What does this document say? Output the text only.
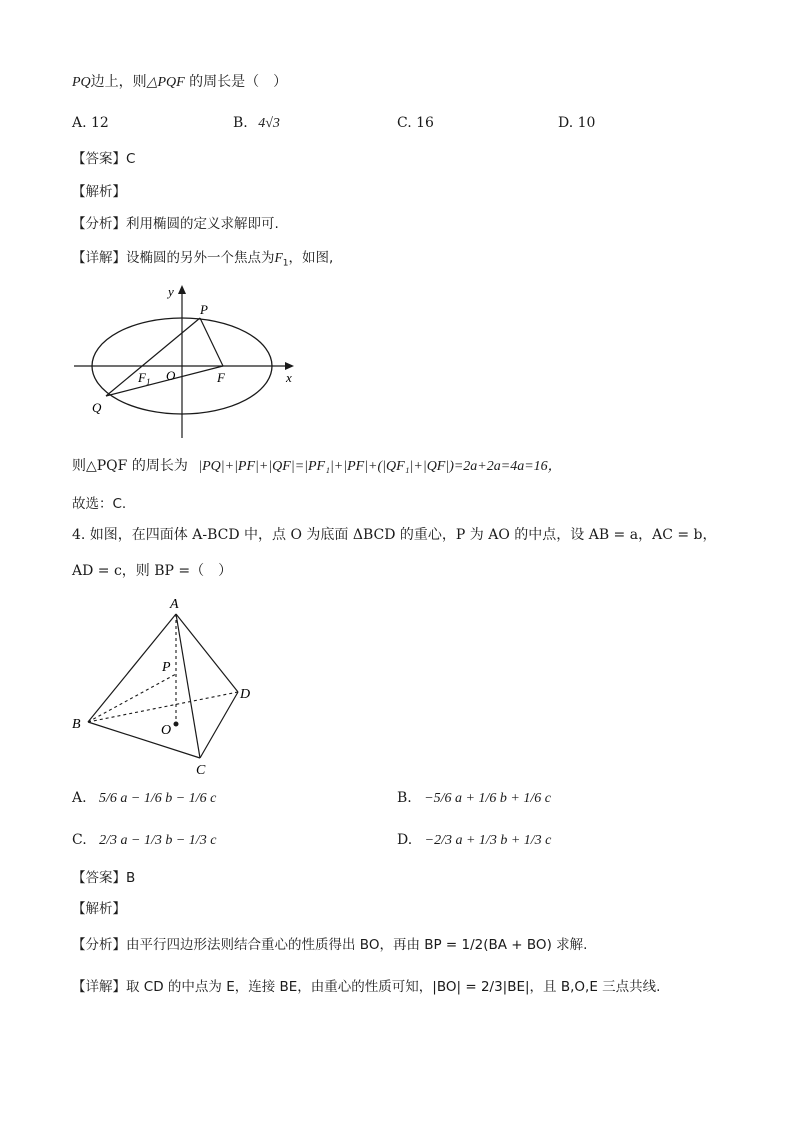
PQ边上，则△PQF 的周长是（　）
A. 12	B. 4√3	C. 16	D. 10
【答案】C
【解析】
【分析】利用椭圆的定义求解即可.
【详解】设椭圆的另外一个焦点为$F_1$，如图,
y
x
P
O	F
$F_1$
Q
则△PQF 的周长为 |PQ|+|PF|+|QF|=|PF₁|+|PF|+(|QF₁|+|QF|)=2a+2a=4a=16，
故选：C.
4. 如图，在四面体 A-BCD 中，点 O 为底面 ΔBCD 的重心，P 为 AO 的中点，设 AB = a，AC = b，
AD = c，则 BP =（　）
A
B
C
D
P
O
A. 5/6 a − 1/6 b − 1/6 c	B. −5/6 a + 1/6 b + 1/6 c
C. 2/3 a − 1/3 b − 1/3 c	D. −2/3 a + 1/3 b + 1/3 c
【答案】B
【解析】
【分析】由平行四边形法则结合重心的性质得出 BO，再由 BP = 1/2(BA + BO) 求解.
【详解】取 CD 的中点为 E，连接 BE，由重心的性质可知，|BO| = 2/3|BE|，且 B,O,E 三点共线.
